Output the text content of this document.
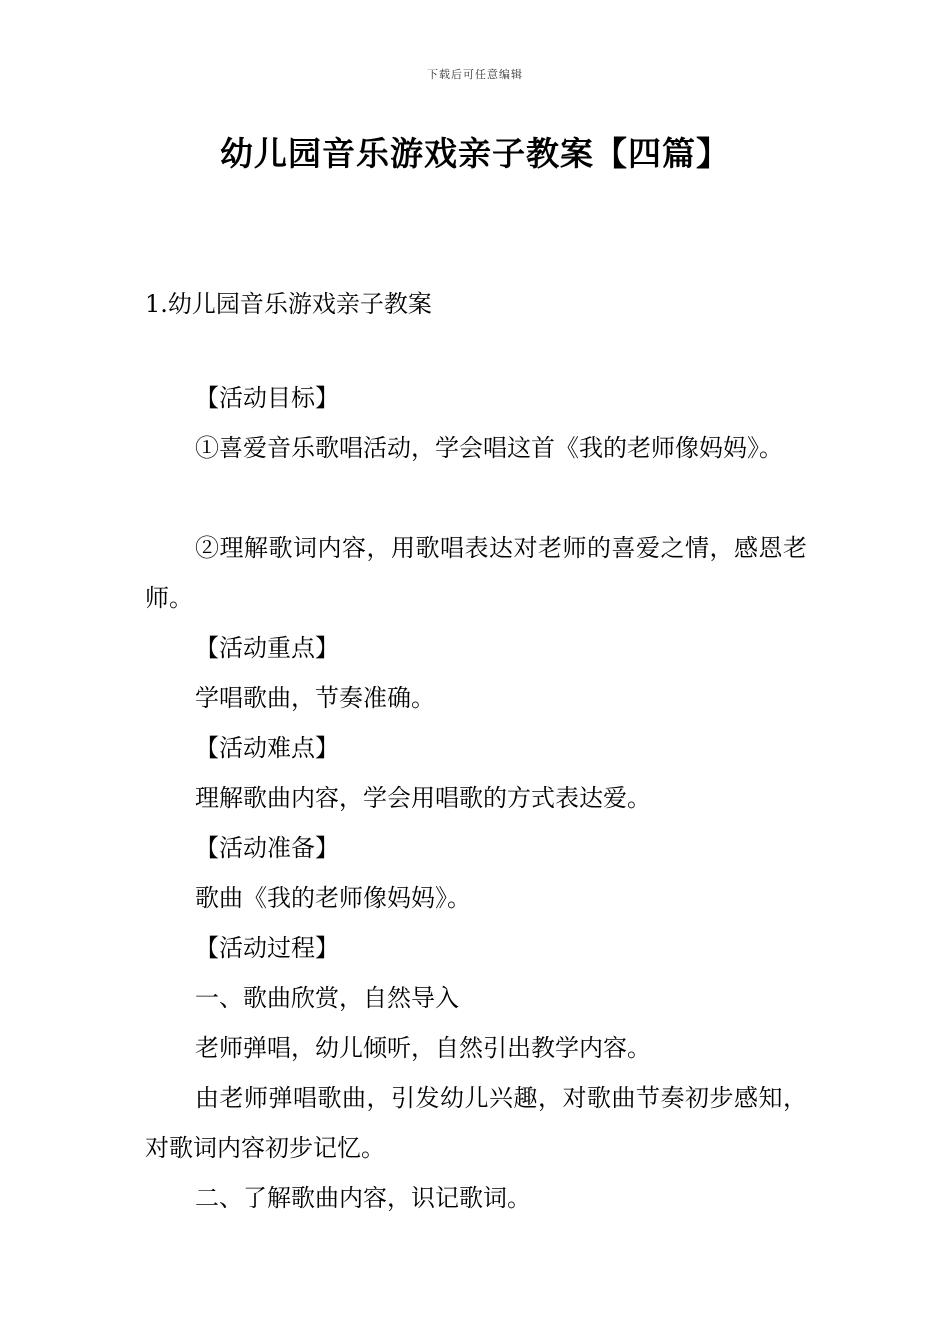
下载后可任意编辑
幼儿园音乐游戏亲子教案【四篇】
1.幼儿园音乐游戏亲子教案
【活动目标】
①喜爱音乐歌唱活动，学会唱这首《我的老师像妈妈》。
②理解歌词内容，用歌唱表达对老师的喜爱之情，感恩老师。
【活动重点】
学唱歌曲，节奏准确。
【活动难点】
理解歌曲内容，学会用唱歌的方式表达爱。
【活动准备】
歌曲《我的老师像妈妈》。
【活动过程】
一、歌曲欣赏，自然导入
老师弹唱，幼儿倾听，自然引出教学内容。
由老师弹唱歌曲，引发幼儿兴趣，对歌曲节奏初步感知，对歌词内容初步记忆。
二、了解歌曲内容，识记歌词。
